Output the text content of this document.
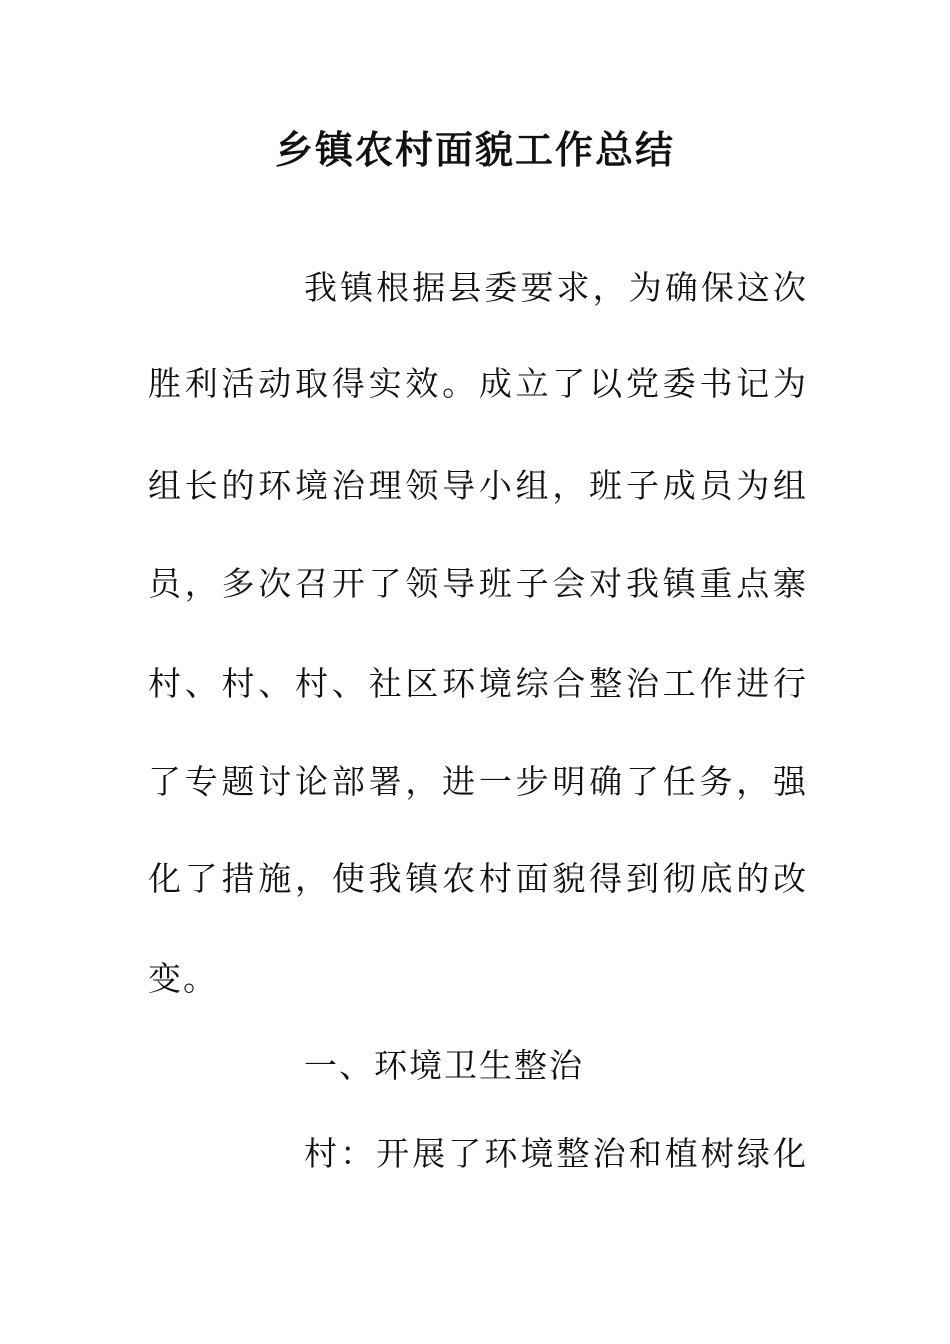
乡镇农村面貌工作总结
我镇根据县委要求，为确保这次
胜利活动取得实效。成立了以党委书记为
组长的环境治理领导小组，班子成员为组
员，多次召开了领导班子会对我镇重点寨
村、村、村、社区环境综合整治工作进行
了专题讨论部署，进一步明确了任务，强
化了措施，使我镇农村面貌得到彻底的改
变。
一、环境卫生整治
村：开展了环境整治和植树绿化
